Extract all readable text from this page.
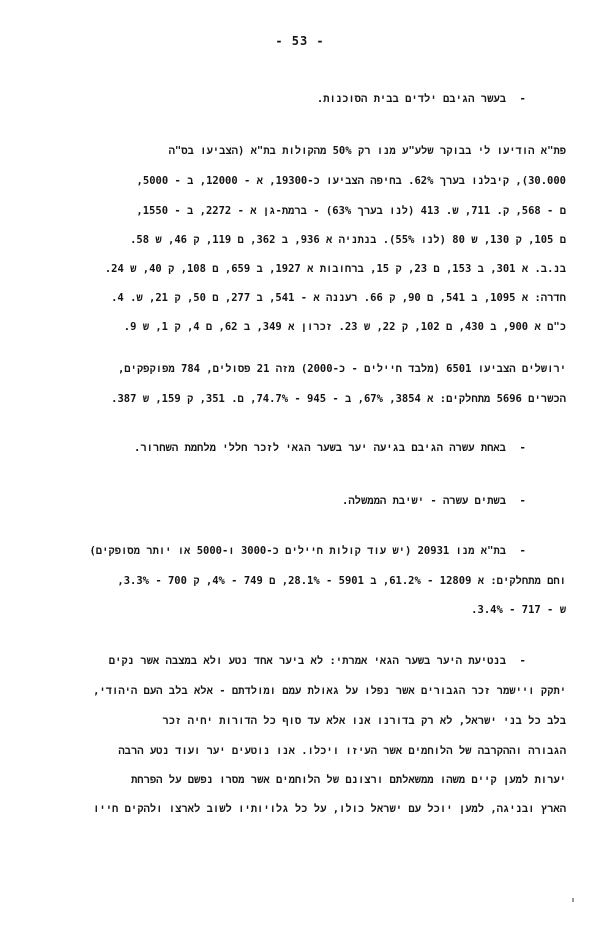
- 53 -
-
בעשר הגיבם ילדים בבית הסוכנות.
פת"א הודיעו לי בבוקר שלע"ע מנו רק 50% מהקולות בת"א (הצביעו בס"ה
30.000), קיבלנו בערך 62%. בחיפה הצביעו כ-19300, א - 12000, ב - 5000,
ם - 568, ק. 711, ש. 413 (לנו בערך 63%) - ברמת-גן א - 2272, ב - 1550,
ם 105, ק 130, ש 80 (לנו 55%). בנתניה א 936, ב 362, ם 119, ק 46, ש 58.
בנ.ב. א 301, ב 153, ם 23, ק 15, ברחובות א 1927, ב 659, ם 108, ק 40, ש 24.
חדרה: א 1095, ב 541, ם 90, ק 66. רעננה א - 541, ב 277, ם 50, ק 21, ש. 4.
כ"ם א 900, ב 430, ם 102, ק 22, ש 23. זכרון א 349, ב 62, ם 4, ק 1, ש 9.
ירושלים הצביעו 6501 (מלבד חיילים - כ-2000) מזה 21 פסולים, 784 מפוקפקים,
הכשרים 5696 מתחלקים: א 3854, 67%, ב - 945 - 74.7%, ם. 351, ק 159, ש 387.
-
באחת עשרה הגיבם בגיעה יער בשער הגאי לזכר חללי מלחמת השחרור.
-
בשתים עשרה - ישיבת הממשלה.
-
בת"א מנו 20931 (יש עוד קולות חיילים כ-3000 ו-5000 או יותר מסופקים)
וחם מתחלקים: א 12809 - 61.2%, ב 5901 - 28.1%, ם 749 - 4%, ק 700 - 3.3%,
ש - 717 - 3.4%.
-
בנטיעת היער בשער הגאי אמרתי: לא ביער אחד נטע ולא במצבה אשר נקים
יתקק ויישמר זכר הגבורים אשר נפלו על גאולת עמם ומולדתם - אלא בלב העם היהודי,
בלב כל בני ישראל, לא רק בדורנו אנו אלא עד סוף כל הדורות יחיה זכר
הגבורה וההקרבה של הלוחמים אשר העיזו ויכלו. אנו נוטעים יער ועוד נטע הרבה
יערות למען קיים משהו ממשאלתם ורצונם של הלוחמים אשר מסרו נפשם על הפרחת
הארץ ובניגה, למען יוכל עם ישראל כולו, על כל גלויותיו לשוב לארצו ולהקים חייו
